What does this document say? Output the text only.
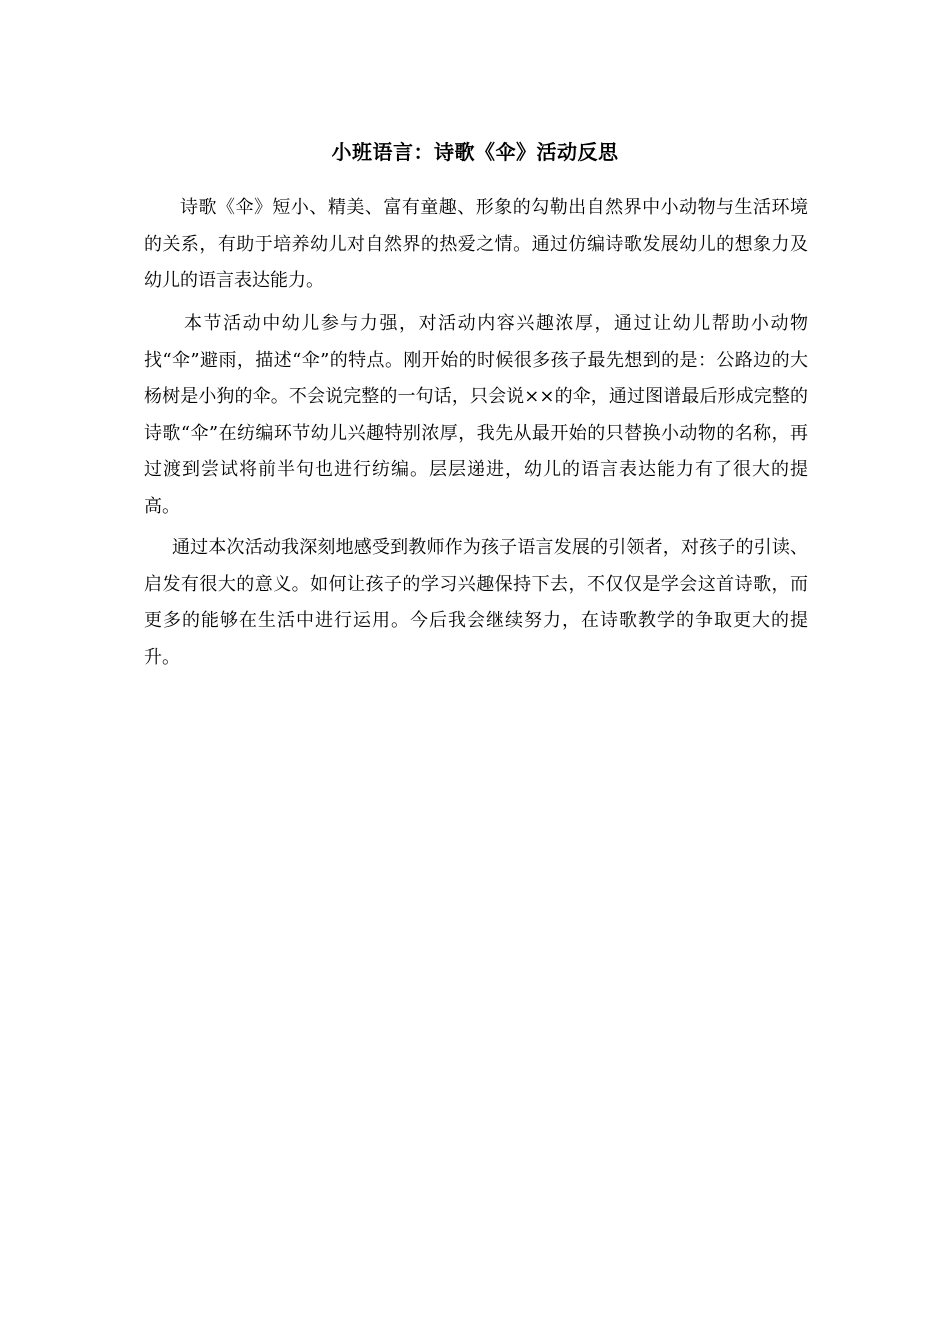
小班语言：诗歌《伞》活动反思

诗歌《伞》短小、精美、富有童趣、形象的勾勒出自然界中小动物与生活环境的关系，有助于培养幼儿对自然界的热爱之情。通过仿编诗歌发展幼儿的想象力及幼儿的语言表达能力。

本节活动中幼儿参与力强，对活动内容兴趣浓厚，通过让幼儿帮助小动物找“伞”避雨，描述“伞”的特点。刚开始的时候很多孩子最先想到的是：公路边的大杨树是小狗的伞。不会说完整的一句话，只会说××的伞，通过图谱最后形成完整的诗歌“伞”在纺编环节幼儿兴趣特别浓厚，我先从最开始的只替换小动物的名称，再过渡到尝试将前半句也进行纺编。层层递进，幼儿的语言表达能力有了很大的提高。

通过本次活动我深刻地感受到教师作为孩子语言发展的引领者，对孩子的引读、启发有很大的意义。如何让孩子的学习兴趣保持下去，不仅仅是学会这首诗歌，而更多的能够在生活中进行运用。今后我会继续努力，在诗歌教学的争取更大的提升。
